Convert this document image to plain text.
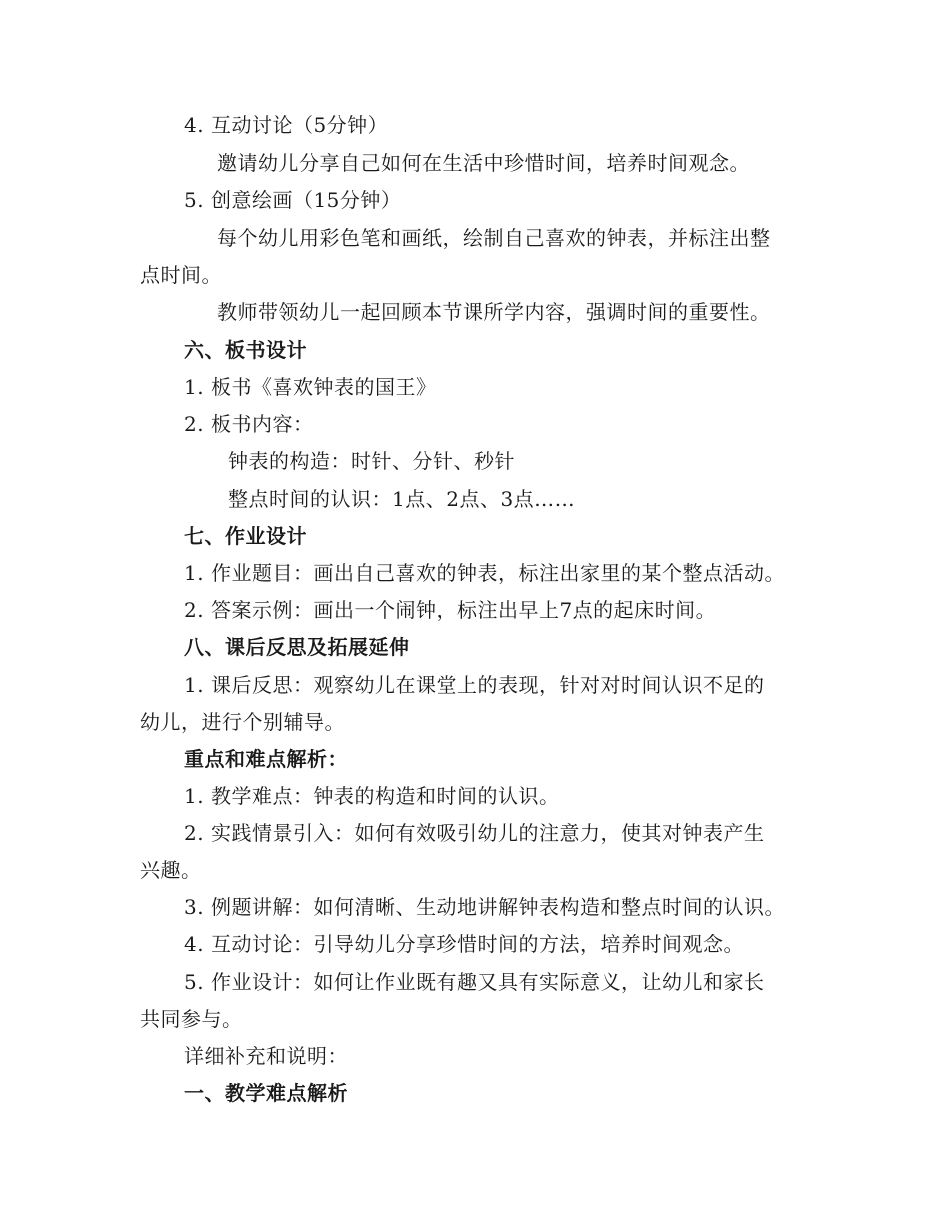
4. 互动讨论（5分钟）
邀请幼儿分享自己如何在生活中珍惜时间，培养时间观念。
5. 创意绘画（15分钟）
每个幼儿用彩色笔和画纸，绘制自己喜欢的钟表，并标注出整
点时间。
教师带领幼儿一起回顾本节课所学内容，强调时间的重要性。
六、板书设计
1. 板书《喜欢钟表的国王》
2. 板书内容：
钟表的构造：时针、分针、秒针
整点时间的认识：1点、2点、3点……
七、作业设计
1. 作业题目：画出自己喜欢的钟表，标注出家里的某个整点活动。
2. 答案示例：画出一个闹钟，标注出早上7点的起床时间。
八、课后反思及拓展延伸
1. 课后反思：观察幼儿在课堂上的表现，针对对时间认识不足的
幼儿，进行个别辅导。
重点和难点解析：
1. 教学难点：钟表的构造和时间的认识。
2. 实践情景引入：如何有效吸引幼儿的注意力，使其对钟表产生
兴趣。
3. 例题讲解：如何清晰、生动地讲解钟表构造和整点时间的认识。
4. 互动讨论：引导幼儿分享珍惜时间的方法，培养时间观念。
5. 作业设计：如何让作业既有趣又具有实际意义，让幼儿和家长
共同参与。
详细补充和说明：
一、教学难点解析
